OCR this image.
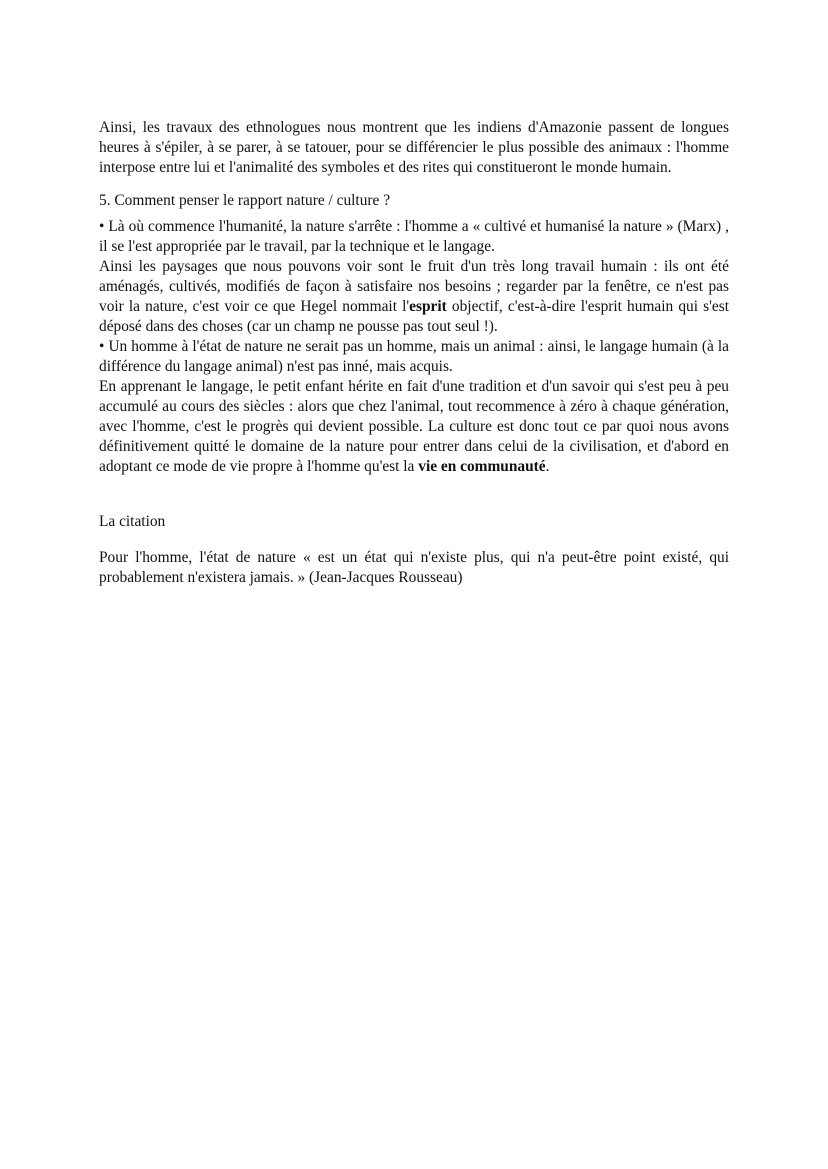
Ainsi, les travaux des ethnologues nous montrent que les indiens d'Amazonie passent de longues heures à s'épiler, à se parer, à se tatouer, pour se différencier le plus possible des animaux : l'homme interpose entre lui et l'animalité des symboles et des rites qui constitueront le monde humain.

5. Comment penser le rapport nature / culture ?

• Là où commence l'humanité, la nature s'arrête : l'homme a « cultivé et humanisé la nature » (Marx) , il se l'est appropriée par le travail, par la technique et le langage.

Ainsi les paysages que nous pouvons voir sont le fruit d'un très long travail humain : ils ont été aménagés, cultivés, modifiés de façon à satisfaire nos besoins ; regarder par la fenêtre, ce n'est pas voir la nature, c'est voir ce que Hegel nommait l'esprit objectif, c'est-à-dire l'esprit humain qui s'est déposé dans des choses (car un champ ne pousse pas tout seul !).

• Un homme à l'état de nature ne serait pas un homme, mais un animal : ainsi, le langage humain (à la différence du langage animal) n'est pas inné, mais acquis.

En apprenant le langage, le petit enfant hérite en fait d'une tradition et d'un savoir qui s'est peu à peu accumulé au cours des siècles : alors que chez l'animal, tout recommence à zéro à chaque génération, avec l'homme, c'est le progrès qui devient possible. La culture est donc tout ce par quoi nous avons définitivement quitté le domaine de la nature pour entrer dans celui de la civilisation, et d'abord en adoptant ce mode de vie propre à l'homme qu'est la vie en communauté.

La citation

Pour l'homme, l'état de nature « est un état qui n'existe plus, qui n'a peut-être point existé, qui probablement n'existera jamais. » (Jean-Jacques Rousseau)
